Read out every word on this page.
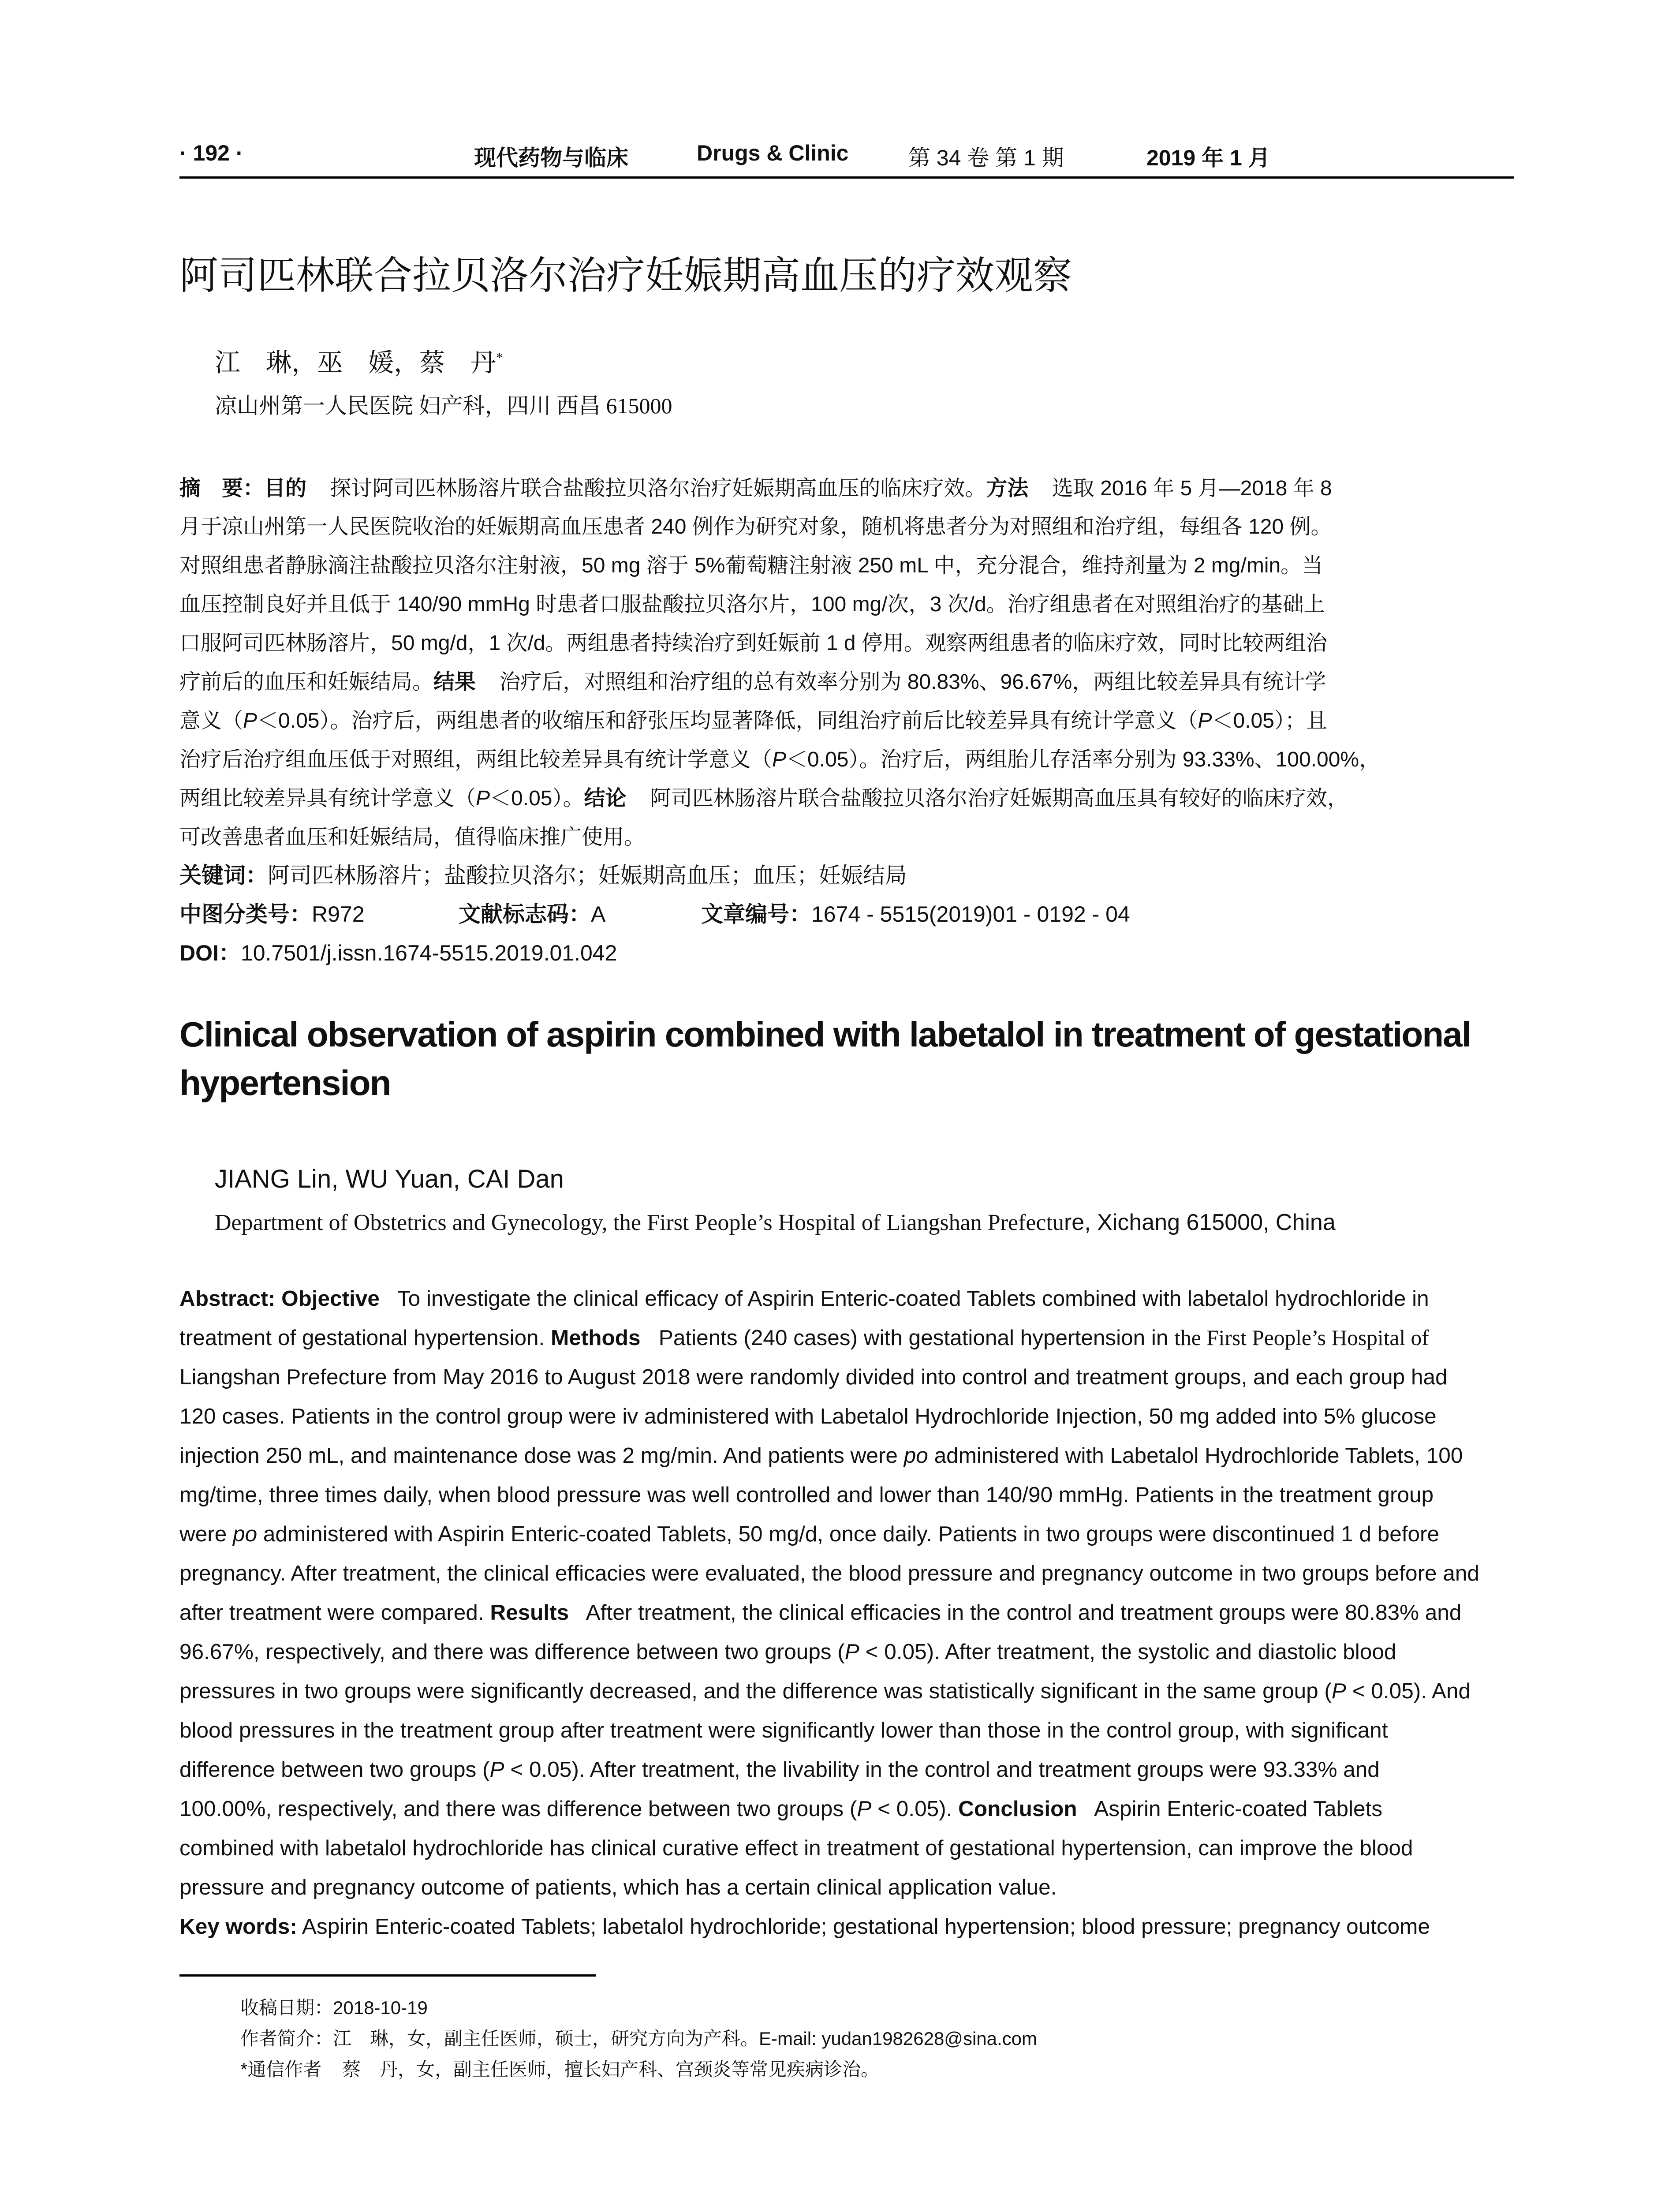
· 192 ·	现代药物与临床	Drugs & Clinic	第 34 卷 第 1 期	2019 年 1 月
阿司匹林联合拉贝洛尔治疗妊娠期高血压的疗效观察
江　琳，巫　媛，蔡　丹*
凉山州第一人民医院 妇产科，四川 西昌 615000
摘　要：目的 探讨阿司匹林肠溶片联合盐酸拉贝洛尔治疗妊娠期高血压的临床疗效。方法 选取 2016 年 5 月—2018 年 8
月于凉山州第一人民医院收治的妊娠期高血压患者 240 例作为研究对象，随机将患者分为对照组和治疗组，每组各 120 例。
对照组患者静脉滴注盐酸拉贝洛尔注射液，50 mg 溶于 5%葡萄糖注射液 250 mL 中，充分混合，维持剂量为 2 mg/min。当
血压控制良好并且低于 140/90 mmHg 时患者口服盐酸拉贝洛尔片，100 mg/次，3 次/d。治疗组患者在对照组治疗的基础上
口服阿司匹林肠溶片，50 mg/d，1 次/d。两组患者持续治疗到妊娠前 1 d 停用。观察两组患者的临床疗效，同时比较两组治
疗前后的血压和妊娠结局。结果 治疗后，对照组和治疗组的总有效率分别为 80.83%、96.67%，两组比较差异具有统计学
意义（P＜0.05）。治疗后，两组患者的收缩压和舒张压均显著降低，同组治疗前后比较差异具有统计学意义（P＜0.05）；且
治疗后治疗组血压低于对照组，两组比较差异具有统计学意义（P＜0.05）。治疗后，两组胎儿存活率分别为 93.33%、100.00%，
两组比较差异具有统计学意义（P＜0.05）。结论 阿司匹林肠溶片联合盐酸拉贝洛尔治疗妊娠期高血压具有较好的临床疗效，
可改善患者血压和妊娠结局，值得临床推广使用。
关键词：阿司匹林肠溶片；盐酸拉贝洛尔；妊娠期高血压；血压；妊娠结局
中图分类号：R972	文献标志码：A	文章编号：1674 - 5515(2019)01 - 0192 - 04
DOI：10.7501/j.issn.1674-5515.2019.01.042
Clinical observation of aspirin combined with labetalol in treatment of gestational
hypertension
JIANG Lin, WU Yuan, CAI Dan
Department of Obstetrics and Gynecology, the First People’s Hospital of Liangshan Prefecture, Xichang 615000, China
Abstract: Objective To investigate the clinical efficacy of Aspirin Enteric-coated Tablets combined with labetalol hydrochloride in
treatment of gestational hypertension. Methods Patients (240 cases) with gestational hypertension in the First People’s Hospital of
Liangshan Prefecture from May 2016 to August 2018 were randomly divided into control and treatment groups, and each group had
120 cases. Patients in the control group were iv administered with Labetalol Hydrochloride Injection, 50 mg added into 5% glucose
injection 250 mL, and maintenance dose was 2 mg/min. And patients were po administered with Labetalol Hydrochloride Tablets, 100
mg/time, three times daily, when blood pressure was well controlled and lower than 140/90 mmHg. Patients in the treatment group
were po administered with Aspirin Enteric-coated Tablets, 50 mg/d, once daily. Patients in two groups were discontinued 1 d before
pregnancy. After treatment, the clinical efficacies were evaluated, the blood pressure and pregnancy outcome in two groups before and
after treatment were compared. Results After treatment, the clinical efficacies in the control and treatment groups were 80.83% and
96.67%, respectively, and there was difference between two groups (P < 0.05). After treatment, the systolic and diastolic blood
pressures in two groups were significantly decreased, and the difference was statistically significant in the same group (P < 0.05). And
blood pressures in the treatment group after treatment were significantly lower than those in the control group, with significant
difference between two groups (P < 0.05). After treatment, the livability in the control and treatment groups were 93.33% and
100.00%, respectively, and there was difference between two groups (P < 0.05). Conclusion Aspirin Enteric-coated Tablets
combined with labetalol hydrochloride has clinical curative effect in treatment of gestational hypertension, can improve the blood
pressure and pregnancy outcome of patients, which has a certain clinical application value.
Key words: Aspirin Enteric-coated Tablets; labetalol hydrochloride; gestational hypertension; blood pressure; pregnancy outcome
收稿日期：2018-10-19
作者简介：江　琳，女，副主任医师，硕士，研究方向为产科。E-mail: yudan1982628@sina.com
*通信作者 蔡　丹，女，副主任医师，擅长妇产科、宫颈炎等常见疾病诊治。
